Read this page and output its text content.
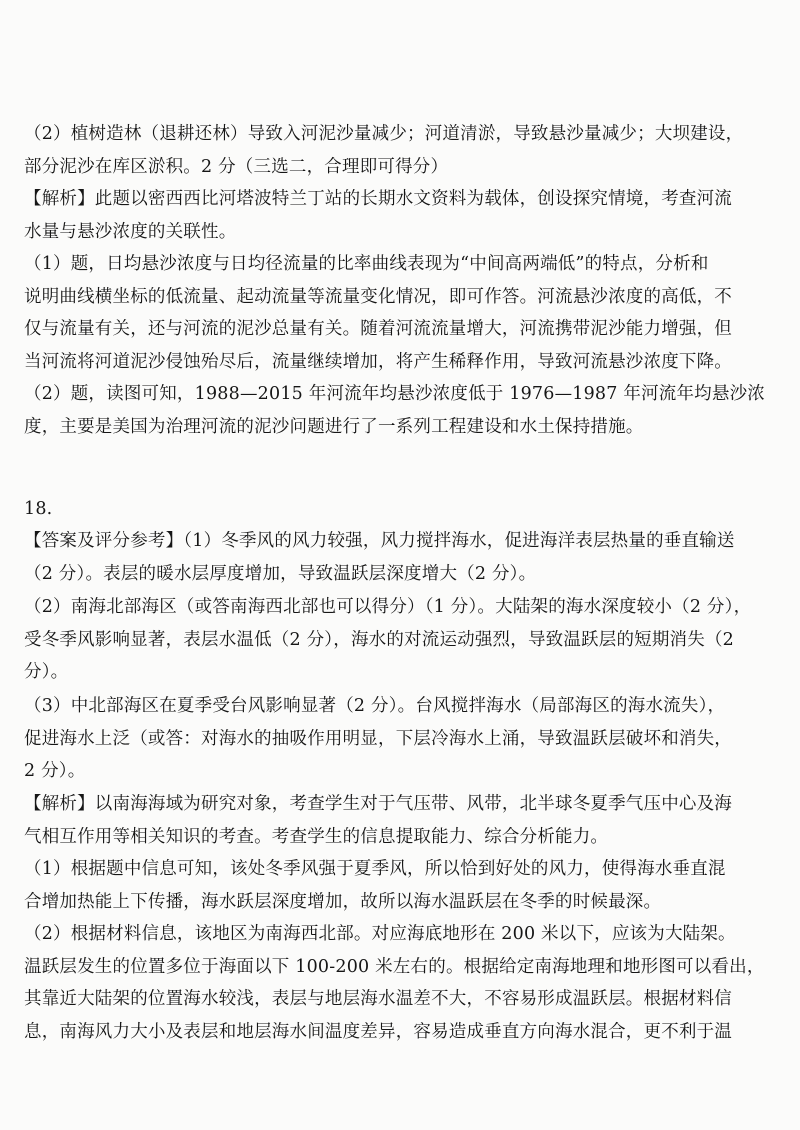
（2）植树造林（退耕还林）导致入河泥沙量减少；河道清淤，导致悬沙量减少；大坝建设，
部分泥沙在库区淤积。2 分（三选二，合理即可得分）
【解析】此题以密西西比河塔波特兰丁站的长期水文资料为载体，创设探究情境，考查河流
水量与悬沙浓度的关联性。
（1）题，日均悬沙浓度与日均径流量的比率曲线表现为“中间高两端低”的特点，分析和
说明曲线横坐标的低流量、起动流量等流量变化情况，即可作答。河流悬沙浓度的高低，不
仅与流量有关，还与河流的泥沙总量有关。随着河流流量增大，河流携带泥沙能力增强，但
当河流将河道泥沙侵蚀殆尽后，流量继续增加，将产生稀释作用，导致河流悬沙浓度下降。
（2）题，读图可知，1988—2015 年河流年均悬沙浓度低于 1976—1987 年河流年均悬沙浓
度，主要是美国为治理河流的泥沙问题进行了一系列工程建设和水土保持措施。
18.
【答案及评分参考】（1）冬季风的风力较强，风力搅拌海水，促进海洋表层热量的垂直输送
（2 分）。表层的暖水层厚度增加，导致温跃层深度增大（2 分）。
（2）南海北部海区（或答南海西北部也可以得分）（1 分）。大陆架的海水深度较小（2 分），
受冬季风影响显著，表层水温低（2 分），海水的对流运动强烈，导致温跃层的短期消失（2
分）。
（3）中北部海区在夏季受台风影响显著（2 分）。台风搅拌海水（局部海区的海水流失），
促进海水上泛（或答：对海水的抽吸作用明显，下层冷海水上涌，导致温跃层破坏和消失，
2 分）。
【解析】以南海海域为研究对象，考查学生对于气压带、风带，北半球冬夏季气压中心及海
气相互作用等相关知识的考查。考查学生的信息提取能力、综合分析能力。
（1）根据题中信息可知，该处冬季风强于夏季风，所以恰到好处的风力，使得海水垂直混
合增加热能上下传播，海水跃层深度增加，故所以海水温跃层在冬季的时候最深。
（2）根据材料信息，该地区为南海西北部。对应海底地形在 200 米以下，应该为大陆架。
温跃层发生的位置多位于海面以下 100-200 米左右的。根据给定南海地理和地形图可以看出，
其靠近大陆架的位置海水较浅，表层与地层海水温差不大，不容易形成温跃层。根据材料信
息，南海风力大小及表层和地层海水间温度差异，容易造成垂直方向海水混合，更不利于温
